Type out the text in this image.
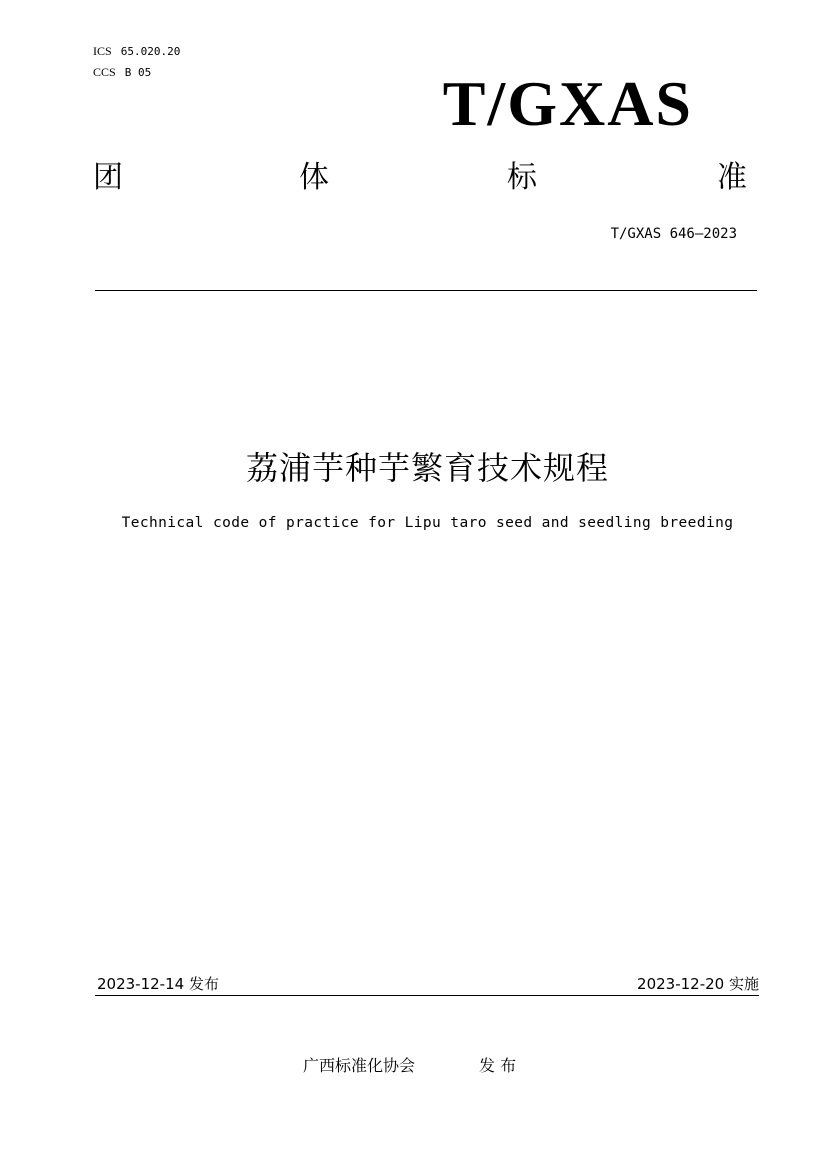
ICS 65.020.20
CCS B 05	T/GXAS
团	体	标	准
T/GXAS 646—2023
荔浦芋种芋繁育技术规程
Technical code of practice for Lipu taro seed and seedling breeding
2023-12-14 发布	2023-12-20 实施
广西标准化协会	发 布
